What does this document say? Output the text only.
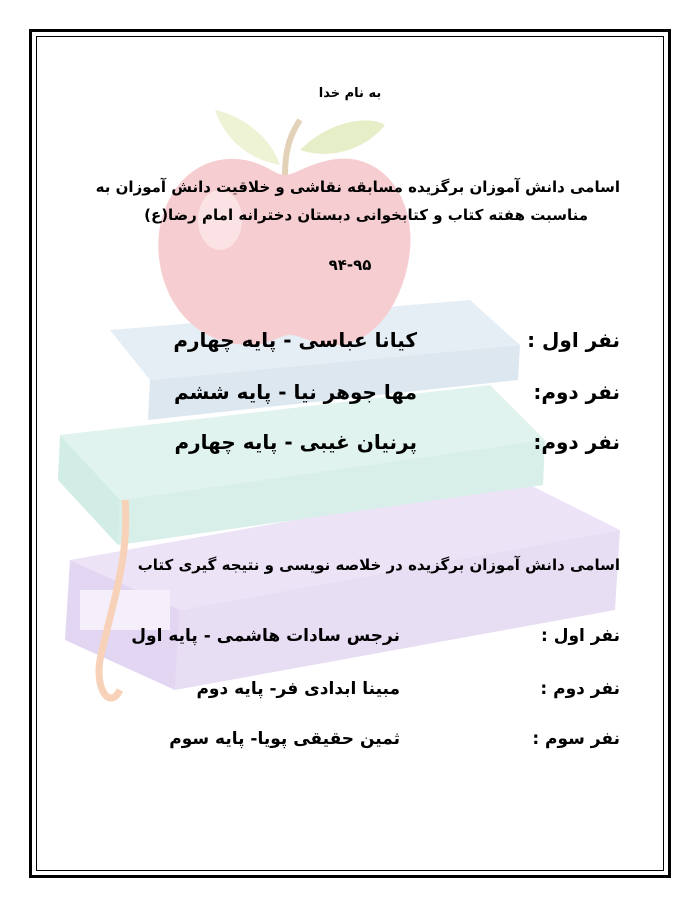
به نام خدا
اسامی دانش آموزان برگزیده مسابقه نقاشی و خلاقیت دانش آموزان به
مناسبت هفته کتاب و کتابخوانی دبستان دخترانه امام رضا(ع)
۹۴-۹۵
نفر اول :
کیانا عباسی - پایه چهارم
نفر دوم:
مها جوهر نیا - پایه ششم
نفر دوم:
پرنیان غیبی - پایه چهارم
اسامی دانش آموزان برگزیده در خلاصه نویسی و نتیجه گیری کتاب
نفر اول :
نرجس سادات هاشمی - پایه اول
نفر دوم :
مبینا ابدادی فر- پایه دوم
نفر سوم :
ثمین حقیقی پویا- پایه سوم
